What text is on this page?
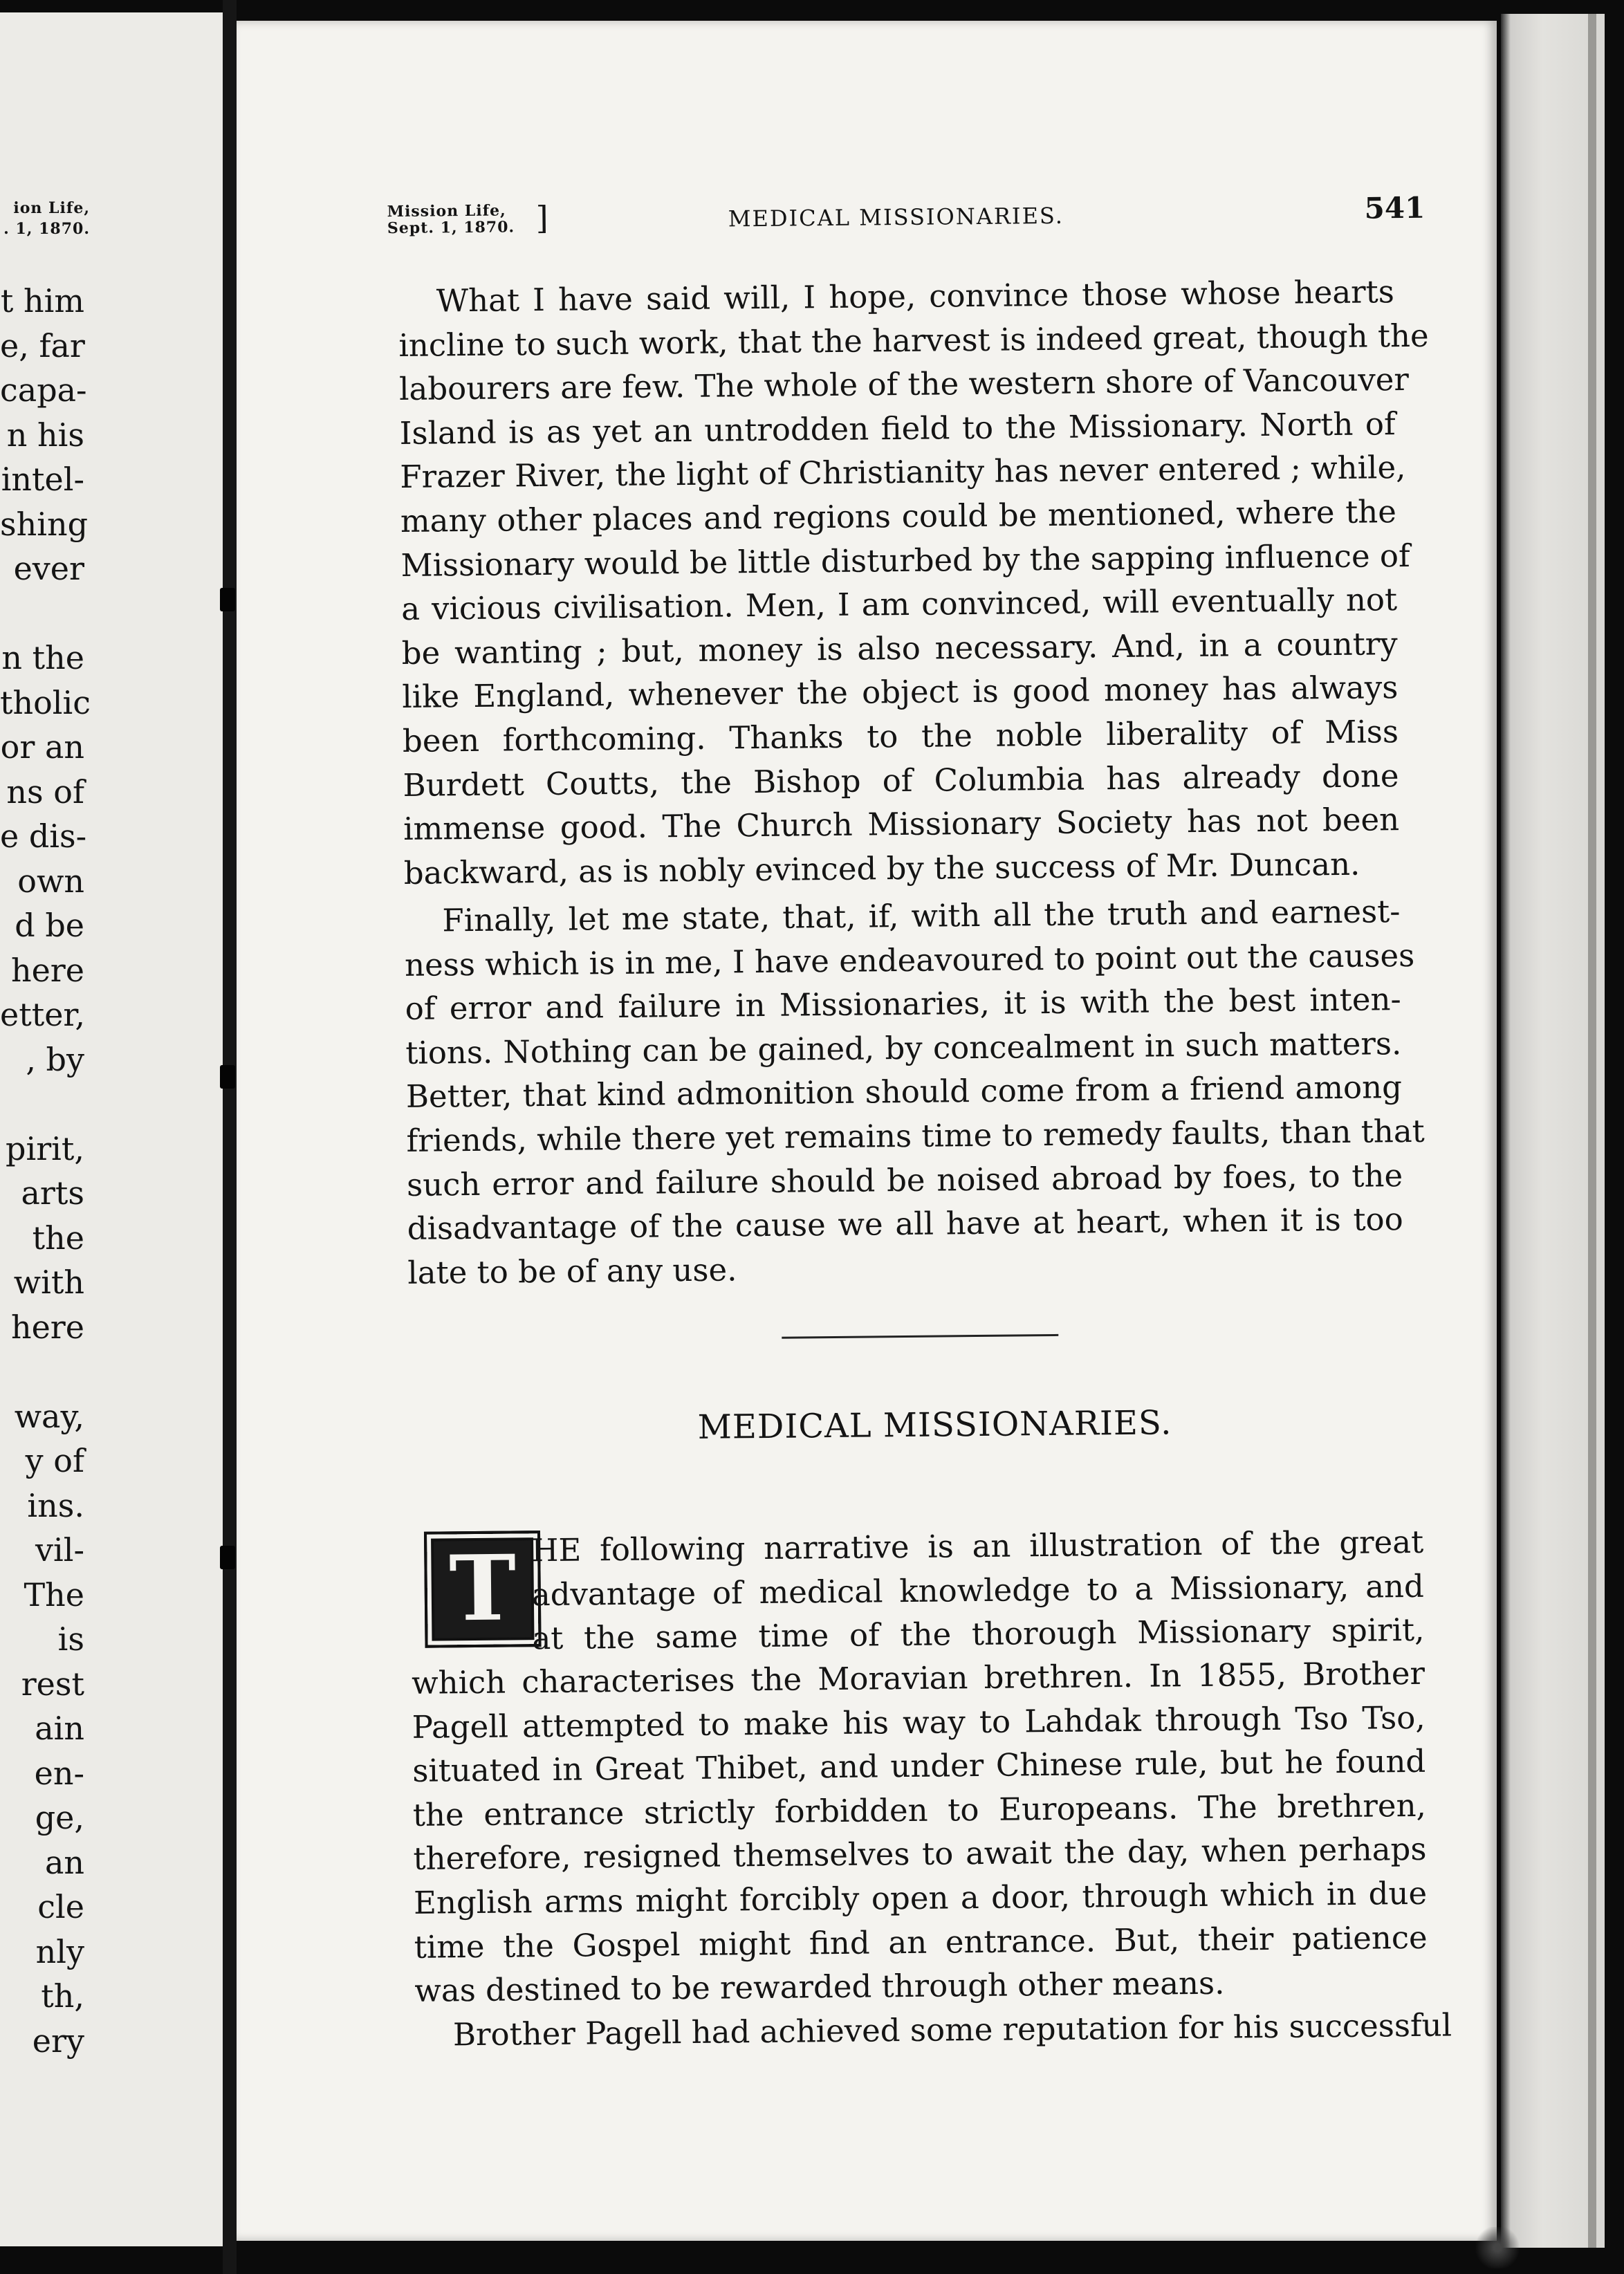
ion Life,
. 1, 1870.
t him
e, far
capa-
n his
intel-
shing
ever
n the
tholic
or an
ns of
e dis-
own
d be
here
etter,
, by
pirit,
arts
the
with
here
way,
y of
ins.
vil-
The
is
rest
ain
en-
ge,
an
cle
nly
th,
ery
Mission Life,
Sept. 1, 1870. ]	MEDICAL MISSIONARIES.	541
What I have said will, I hope, convince those whose hearts
incline to such work, that the harvest is indeed great, though the
labourers are few. The whole of the western shore of Vancouver
Island is as yet an untrodden field to the Missionary. North of
Frazer River, the light of Christianity has never entered ; while,
many other places and regions could be mentioned, where the
Missionary would be little disturbed by the sapping influence of
a vicious civilisation. Men, I am convinced, will eventually not
be wanting ; but, money is also necessary. And, in a country
like England, whenever the object is good money has always
been forthcoming. Thanks to the noble liberality of Miss
Burdett Coutts, the Bishop of Columbia has already done
immense good. The Church Missionary Society has not been
backward, as is nobly evinced by the success of Mr. Duncan.
Finally, let me state, that, if, with all the truth and earnest-
ness which is in me, I have endeavoured to point out the causes
of error and failure in Missionaries, it is with the best inten-
tions. Nothing can be gained, by concealment in such matters.
Better, that kind admonition should come from a friend among
friends, while there yet remains time to remedy faults, than that
such error and failure should be noised abroad by foes, to the
disadvantage of the cause we all have at heart, when it is too
late to be of any use.
MEDICAL MISSIONARIES.
T HE following narrative is an illustration of the great
advantage of medical knowledge to a Missionary, and
at the same time of the thorough Missionary spirit,
which characterises the Moravian brethren. In 1855, Brother
Pagell attempted to make his way to Lahdak through Tso Tso,
situated in Great Thibet, and under Chinese rule, but he found
the entrance strictly forbidden to Europeans. The brethren,
therefore, resigned themselves to await the day, when perhaps
English arms might forcibly open a door, through which in due
time the Gospel might find an entrance. But, their patience
was destined to be rewarded through other means.
Brother Pagell had achieved some reputation for his successful
